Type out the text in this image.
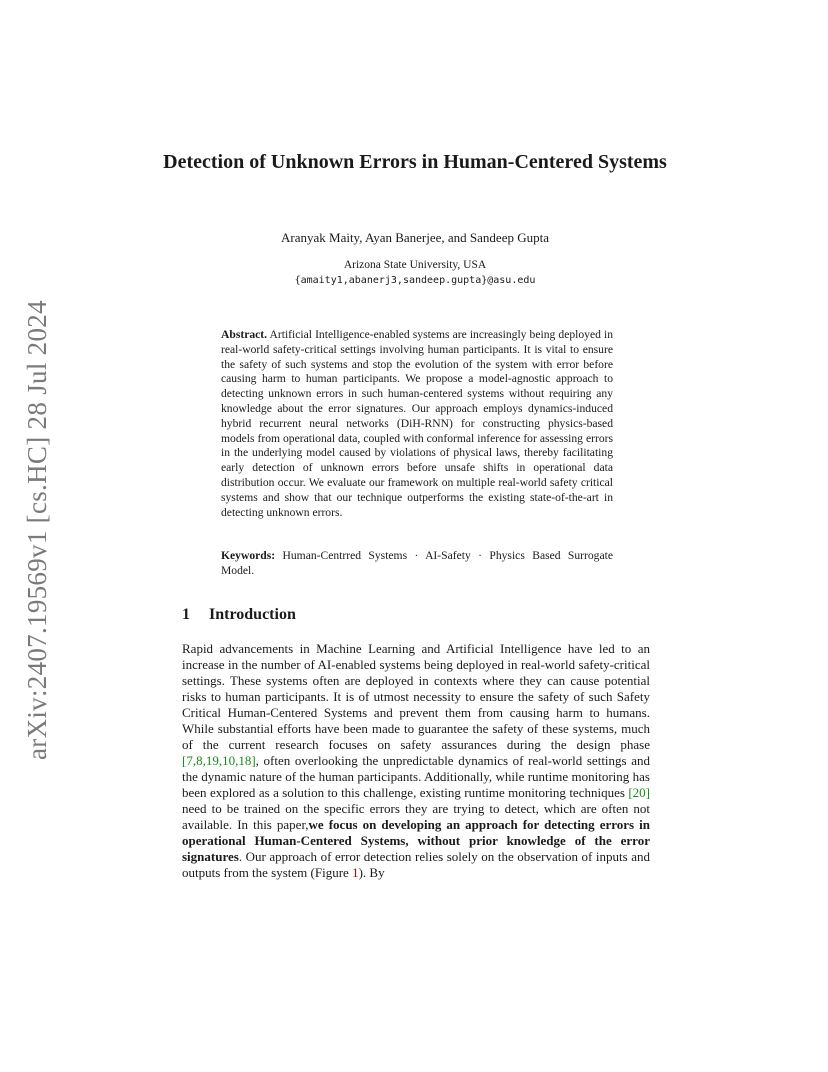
arXiv:2407.19569v1 [cs.HC] 28 Jul 2024
Detection of Unknown Errors in Human-Centered Systems
Aranyak Maity, Ayan Banerjee, and Sandeep Gupta
Arizona State University, USA
{amaity1,abanerj3,sandeep.gupta}@asu.edu
Abstract. Artificial Intelligence-enabled systems are increasingly being deployed in real-world safety-critical settings involving human participants. It is vital to ensure the safety of such systems and stop the evolution of the system with error before causing harm to human participants. We propose a model-agnostic approach to detecting unknown errors in such human-centered systems without requiring any knowledge about the error signatures. Our approach employs dynamics-induced hybrid recurrent neural networks (DiH-RNN) for constructing physics-based models from operational data, coupled with conformal inference for assessing errors in the underlying model caused by violations of physical laws, thereby facilitating early detection of unknown errors before unsafe shifts in operational data distribution occur. We evaluate our framework on multiple real-world safety critical systems and show that our technique outperforms the existing state-of-the-art in detecting unknown errors.
Keywords: Human-Centrred Systems · AI-Safety · Physics Based Surrogate Model.
1 Introduction
Rapid advancements in Machine Learning and Artificial Intelligence have led to an increase in the number of AI-enabled systems being deployed in real-world safety-critical settings. These systems often are deployed in contexts where they can cause potential risks to human participants. It is of utmost necessity to ensure the safety of such Safety Critical Human-Centered Systems and prevent them from causing harm to humans. While substantial efforts have been made to guarantee the safety of these systems, much of the current research focuses on safety assurances during the design phase [7,8,19,10,18], often overlooking the unpredictable dynamics of real-world settings and the dynamic nature of the human participants. Additionally, while runtime monitoring has been explored as a solution to this challenge, existing runtime monitoring techniques [20] need to be trained on the specific errors they are trying to detect, which are often not available. In this paper,we focus on developing an approach for detecting errors in operational Human-Centered Systems, without prior knowledge of the error signatures. Our approach of error detection relies solely on the observation of inputs and outputs from the system (Figure 1). By
